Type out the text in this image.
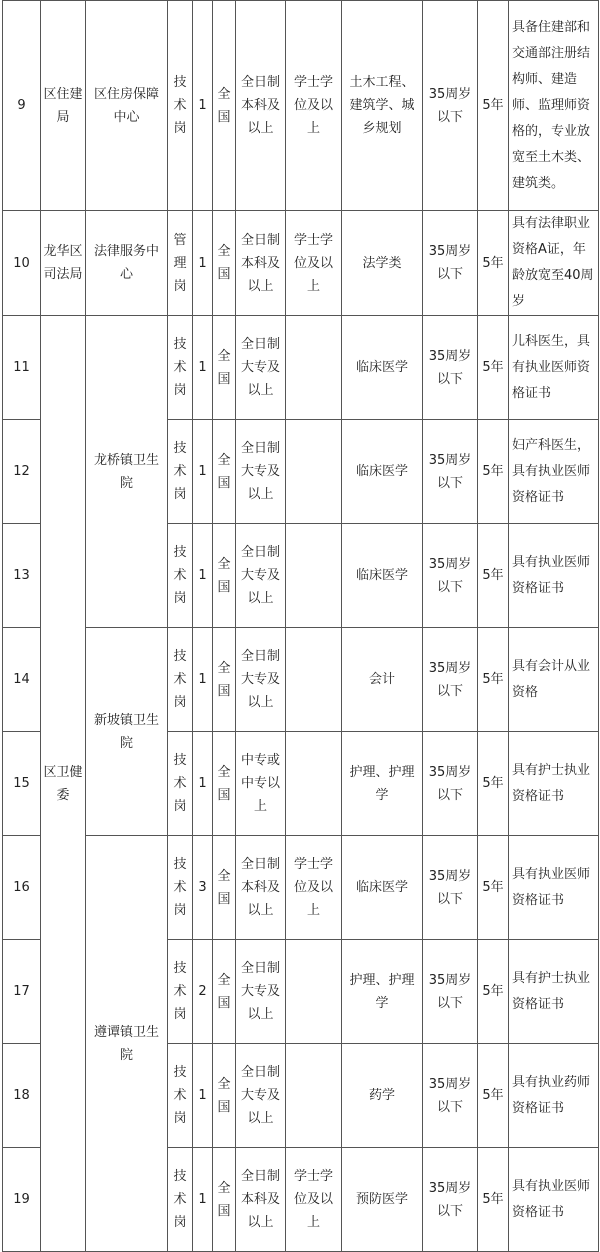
9	区住建局	区住房保障中心	技术岗	1	全国	全日制本科及以上	学士学位及以上	土木工程、建筑学、城乡规划	35周岁以下	5年	具备住建部和交通部注册结构师、建造师、监理师资格的，专业放宽至土木类、建筑类。
10	龙华区司法局	法律服务中心	管理岗	1	全国	全日制本科及以上	学士学位及以上	法学类	35周岁以下	5年	具有法律职业资格A证，年龄放宽至40周岁
11	区卫健委	龙桥镇卫生院	技术岗	1	全国	全日制大专及以上		临床医学	35周岁以下	5年	儿科医生，具有执业医师资格证书
12			技术岗	1	全国	全日制大专及以上		临床医学	35周岁以下	5年	妇产科医生，具有执业医师资格证书
13			技术岗	1	全国	全日制大专及以上		临床医学	35周岁以下	5年	具有执业医师资格证书
14		新坡镇卫生院	技术岗	1	全国	全日制大专及以上		会计	35周岁以下	5年	具有会计从业资格
15			技术岗	1	全国	中专或中专以上		护理、护理学	35周岁以下	5年	具有护士执业资格证书
16		遵谭镇卫生院	技术岗	3	全国	全日制本科及以上	学士学位及以上	临床医学	35周岁以下	5年	具有执业医师资格证书
17			技术岗	2	全国	全日制大专及以上		护理、护理学	35周岁以下	5年	具有护士执业资格证书
18			技术岗	1	全国	全日制大专及以上		药学	35周岁以下	5年	具有执业药师资格证书
19			技术岗	1	全国	全日制本科及以上	学士学位及以上	预防医学	35周岁以下	5年	具有执业医师资格证书
